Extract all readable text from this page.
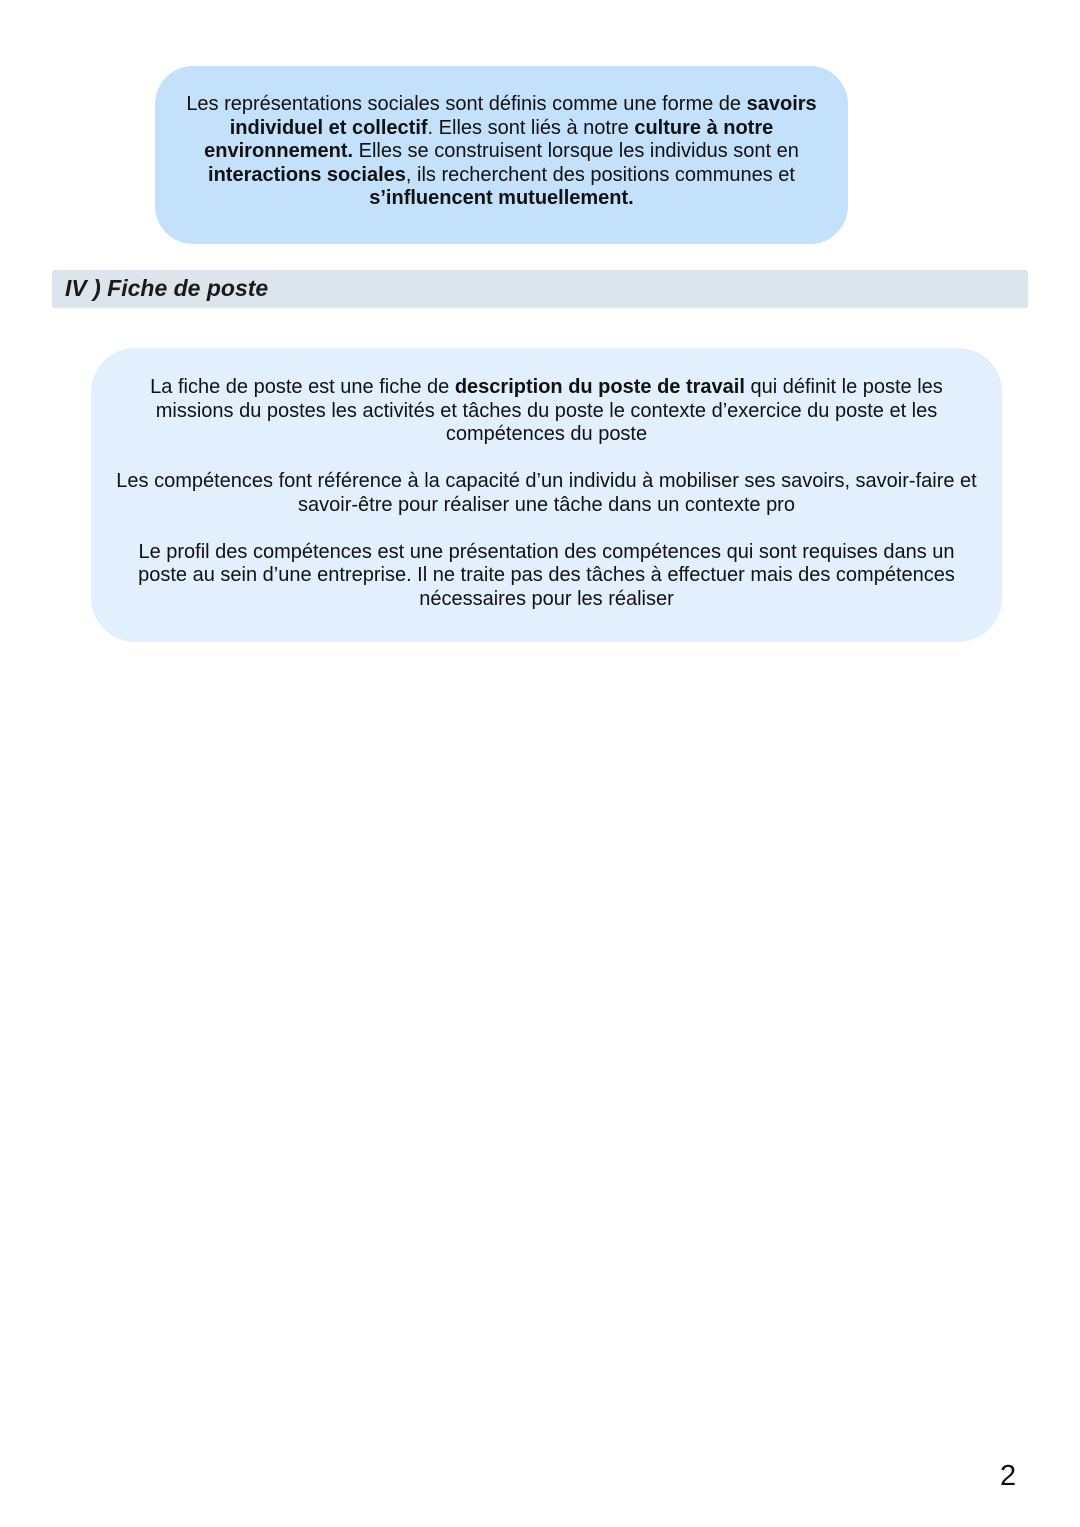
Les représentations sociales sont définis comme une forme de savoirs individuel et collectif. Elles sont liés à notre culture à notre environnement. Elles se construisent lorsque les individus sont en interactions sociales, ils recherchent des positions communes et s’influencent mutuellement.

IV ) Fiche de poste

La fiche de poste est une fiche de description du poste de travail qui définit le poste les missions du postes les activités et tâches du poste le contexte d’exercice du poste et les compétences du poste

Les compétences font référence à la capacité d’un individu à mobiliser ses savoirs, savoir-faire et savoir-être pour réaliser une tâche dans un contexte pro

Le profil des compétences est une présentation des compétences qui sont requises dans un poste au sein d’une entreprise. Il ne traite pas des tâches à effectuer mais des compétences nécessaires pour les réaliser

2
